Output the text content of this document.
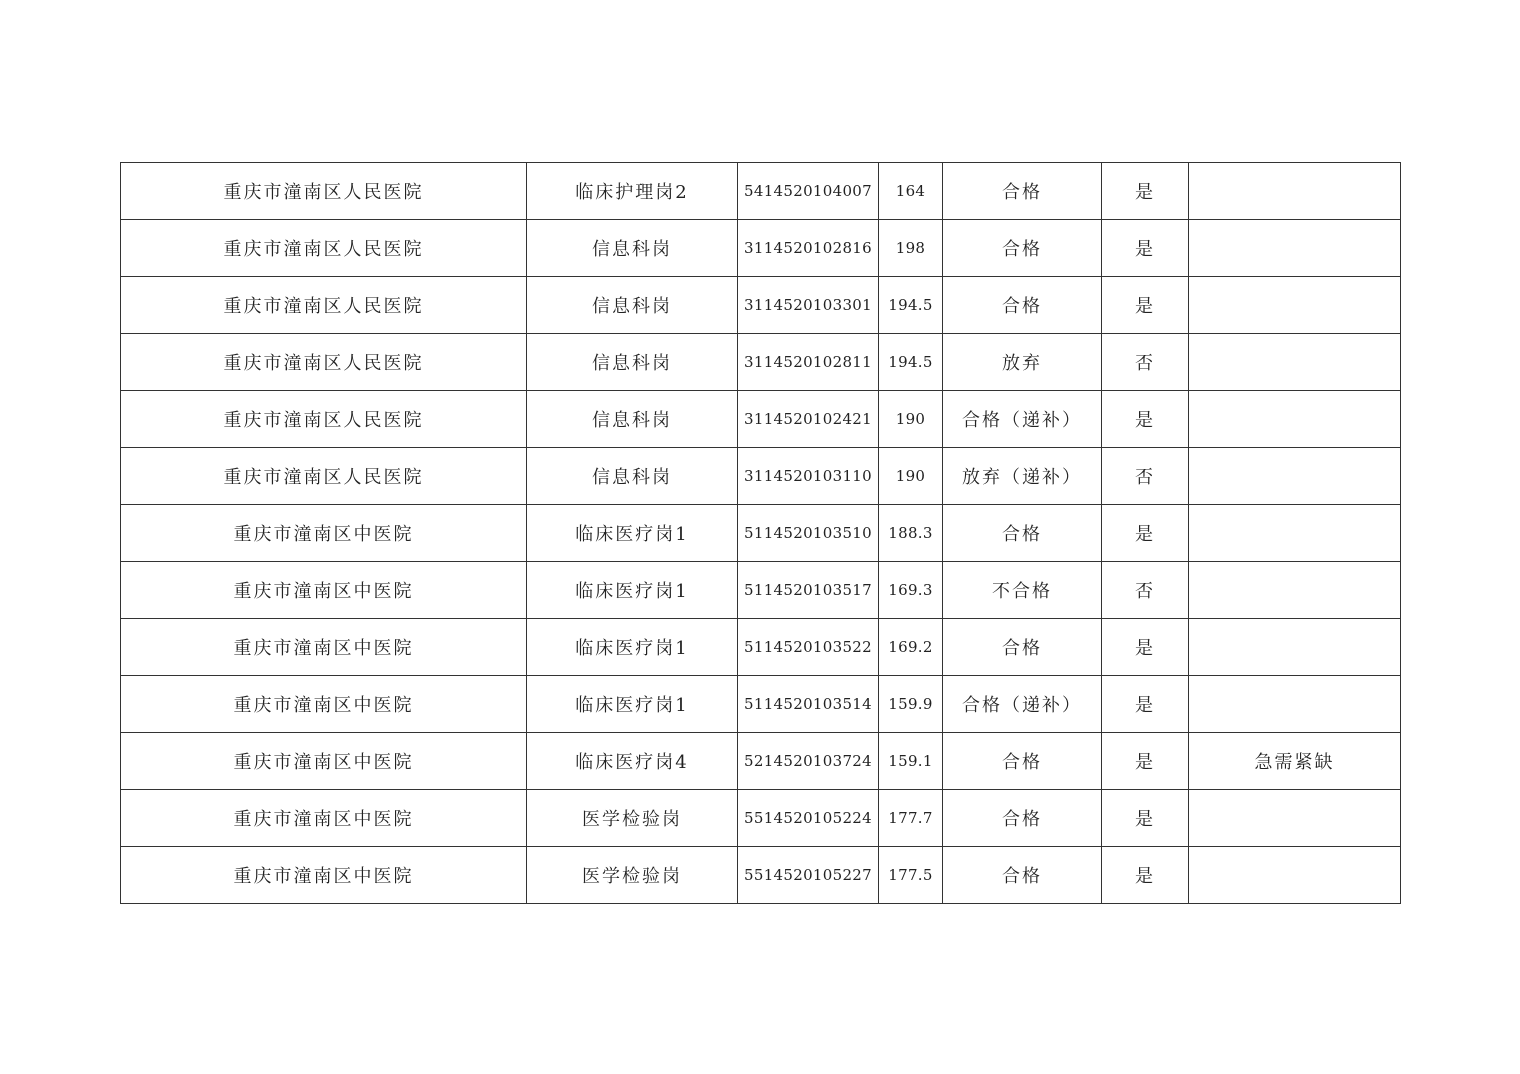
重庆市潼南区人民医院	临床护理岗2	5414520104007	164	合格	是	
重庆市潼南区人民医院	信息科岗	3114520102816	198	合格	是	
重庆市潼南区人民医院	信息科岗	3114520103301	194.5	合格	是	
重庆市潼南区人民医院	信息科岗	3114520102811	194.5	放弃	否	
重庆市潼南区人民医院	信息科岗	3114520102421	190	合格（递补）	是	
重庆市潼南区人民医院	信息科岗	3114520103110	190	放弃（递补）	否	
重庆市潼南区中医院	临床医疗岗1	5114520103510	188.3	合格	是	
重庆市潼南区中医院	临床医疗岗1	5114520103517	169.3	不合格	否	
重庆市潼南区中医院	临床医疗岗1	5114520103522	169.2	合格	是	
重庆市潼南区中医院	临床医疗岗1	5114520103514	159.9	合格（递补）	是	
重庆市潼南区中医院	临床医疗岗4	5214520103724	159.1	合格	是	急需紧缺
重庆市潼南区中医院	医学检验岗	5514520105224	177.7	合格	是	
重庆市潼南区中医院	医学检验岗	5514520105227	177.5	合格	是	
